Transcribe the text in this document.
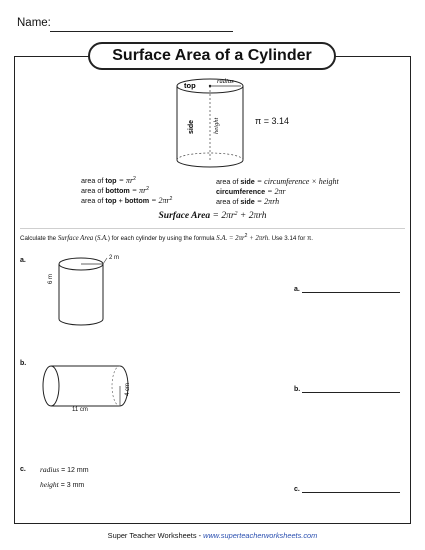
Name:
Surface Area of a Cylinder
top	radius
side	height	π = 3.14
area of top = $\pi r^2$
area of bottom = $\pi r^2$
area of top + bottom = $2\pi r^2$
area of side = circumference × height
circumference = 2πr
area of side = 2πrh
Surface Area = $2\pi r^2 + 2\pi rh$
Calculate the Surface Area (S.A.) for each cylinder by using the formula S.A. = $2\pi r^2 + 2\pi rh$. Use 3.14 for π.
a.	2 m
6 m
a.
b.
4 cm
11 cm
b.
c. radius = 12 mm
height = 3 mm
c.
Super Teacher Worksheets - www.superteacherworksheets.com
